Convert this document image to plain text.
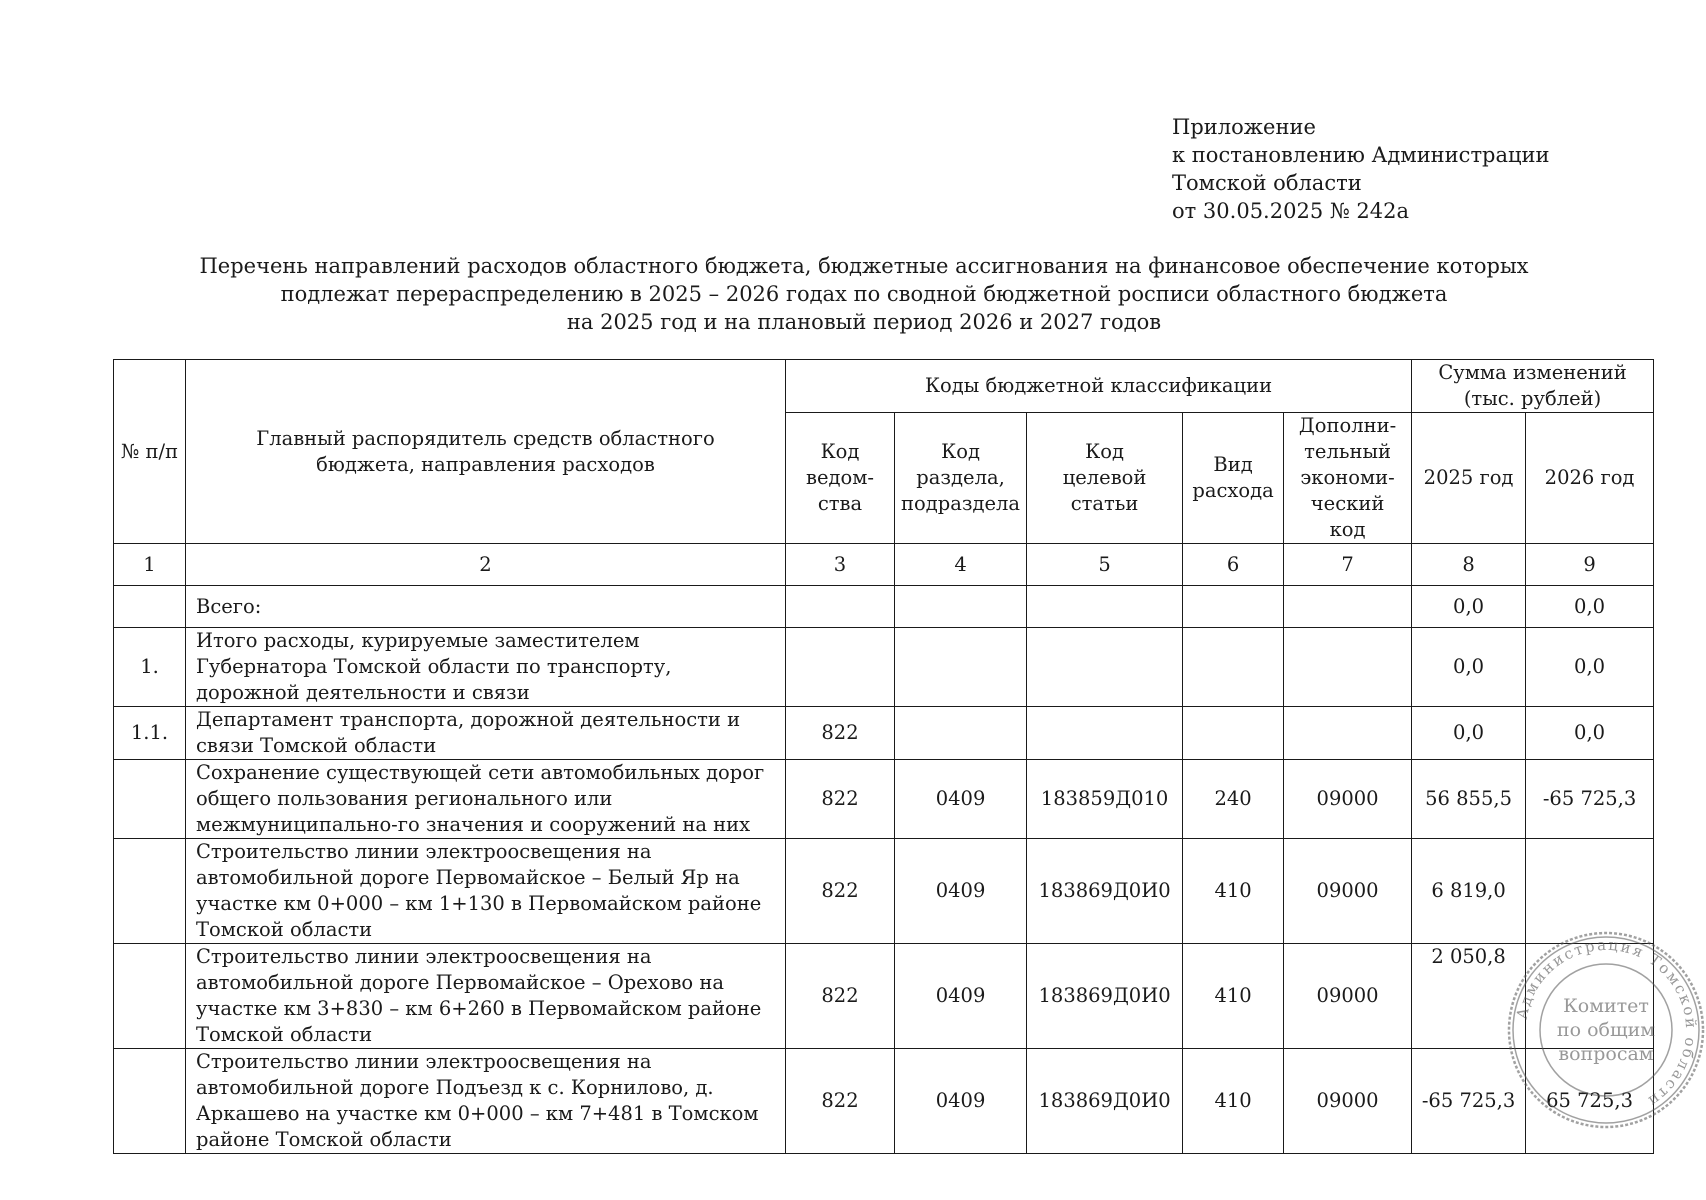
Приложение
к постановлению Администрации
Томской области
от 30.05.2025 № 242а
Перечень направлений расходов областного бюджета, бюджетные ассигнования на финансовое обеспечение которых
подлежат перераспределению в 2025 – 2026 годах по сводной бюджетной росписи областного бюджета
на 2025 год и на плановый период 2026 и 2027 годов
№ п/п	Главный распорядитель средств областного бюджета, направления расходов	Коды бюджетной классификации					Сумма изменений (тыс. рублей)	
		Код ведом-ства	Код раздела, подраздела	Код целевой статьи	Вид расхода	Дополни-тельный экономи-ческий код	2025 год	2026 год
1	2	3	4	5	6	7	8	9
	Всего:						0,0	0,0
1.	Итого расходы, курируемые заместителем Губернатора Томской области по транспорту, дорожной деятельности и связи						0,0	0,0
1.1.	Департамент транспорта, дорожной деятельности и связи Томской области	822					0,0	0,0
	Сохранение существующей сети автомобильных дорог общего пользования регионального или межмуниципально-го значения и сооружений на них	822	0409	183859Д010	240	09000	56 855,5	-65 725,3
	Строительство линии электроосвещения на автомобильной дороге Первомайское – Белый Яр на участке км 0+000 – км 1+130 в Первомайском районе Томской области	822	0409	183869Д0И0	410	09000	6 819,0	
	Строительство линии электроосвещения на автомобильной дороге Первомайское – Орехово на участке км 3+830 – км 6+260 в Первомайском районе Томской области	822	0409	183869Д0И0	410	09000	2 050,8	
	Строительство линии электроосвещения на автомобильной дороге Подъезд к с. Корнилово, д. Аркашево на участке км 0+000 – км 7+481 в Томском районе Томской области	822	0409	183869Д0И0	410	09000	-65 725,3	65 725,3
Администрация Томской области
Комитет
по общим
вопросам
